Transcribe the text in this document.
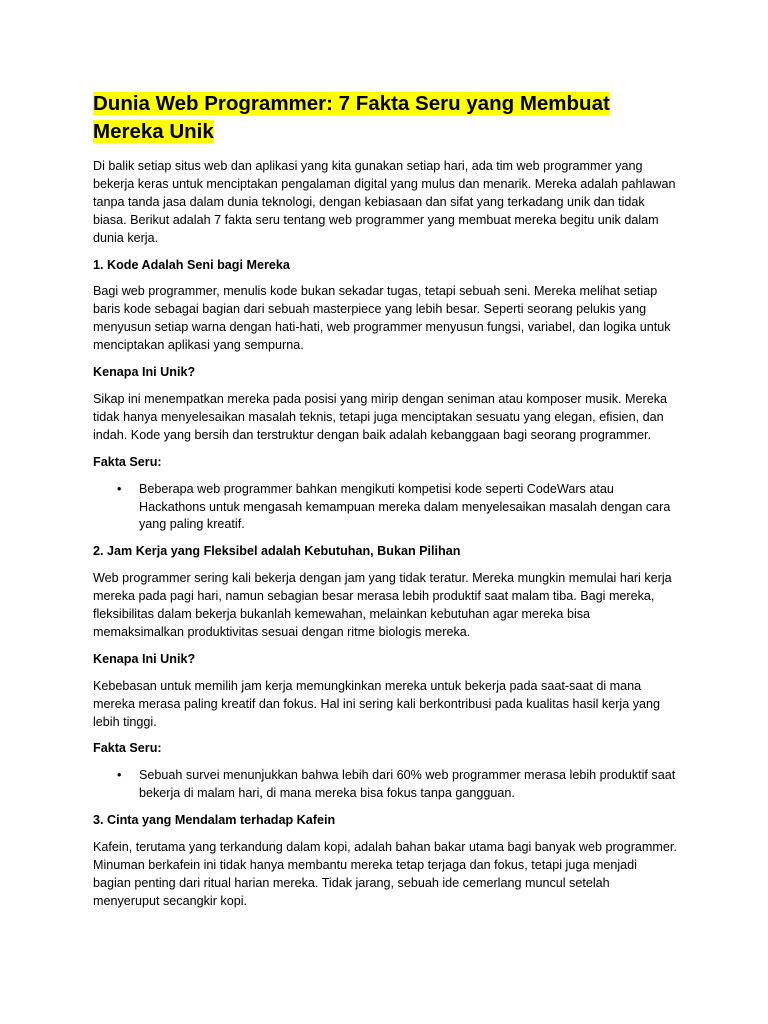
Dunia Web Programmer: 7 Fakta Seru yang Membuat Mereka Unik

Di balik setiap situs web dan aplikasi yang kita gunakan setiap hari, ada tim web programmer yang bekerja keras untuk menciptakan pengalaman digital yang mulus dan menarik. Mereka adalah pahlawan tanpa tanda jasa dalam dunia teknologi, dengan kebiasaan dan sifat yang terkadang unik dan tidak biasa. Berikut adalah 7 fakta seru tentang web programmer yang membuat mereka begitu unik dalam dunia kerja.

1. Kode Adalah Seni bagi Mereka

Bagi web programmer, menulis kode bukan sekadar tugas, tetapi sebuah seni. Mereka melihat setiap baris kode sebagai bagian dari sebuah masterpiece yang lebih besar. Seperti seorang pelukis yang menyusun setiap warna dengan hati-hati, web programmer menyusun fungsi, variabel, dan logika untuk menciptakan aplikasi yang sempurna.

Kenapa Ini Unik?

Sikap ini menempatkan mereka pada posisi yang mirip dengan seniman atau komposer musik. Mereka tidak hanya menyelesaikan masalah teknis, tetapi juga menciptakan sesuatu yang elegan, efisien, dan indah. Kode yang bersih dan terstruktur dengan baik adalah kebanggaan bagi seorang programmer.

Fakta Seru:
• Beberapa web programmer bahkan mengikuti kompetisi kode seperti CodeWars atau Hackathons untuk mengasah kemampuan mereka dalam menyelesaikan masalah dengan cara yang paling kreatif.
2. Jam Kerja yang Fleksibel adalah Kebutuhan, Bukan Pilihan

Web programmer sering kali bekerja dengan jam yang tidak teratur. Mereka mungkin memulai hari kerja mereka pada pagi hari, namun sebagian besar merasa lebih produktif saat malam tiba. Bagi mereka, fleksibilitas dalam bekerja bukanlah kemewahan, melainkan kebutuhan agar mereka bisa memaksimalkan produktivitas sesuai dengan ritme biologis mereka.

Kenapa Ini Unik?

Kebebasan untuk memilih jam kerja memungkinkan mereka untuk bekerja pada saat-saat di mana mereka merasa paling kreatif dan fokus. Hal ini sering kali berkontribusi pada kualitas hasil kerja yang lebih tinggi.

Fakta Seru:
• Sebuah survei menunjukkan bahwa lebih dari 60% web programmer merasa lebih produktif saat bekerja di malam hari, di mana mereka bisa fokus tanpa gangguan.
3. Cinta yang Mendalam terhadap Kafein

Kafein, terutama yang terkandung dalam kopi, adalah bahan bakar utama bagi banyak web programmer. Minuman berkafein ini tidak hanya membantu mereka tetap terjaga dan fokus, tetapi juga menjadi bagian penting dari ritual harian mereka. Tidak jarang, sebuah ide cemerlang muncul setelah menyeruput secangkir kopi.
